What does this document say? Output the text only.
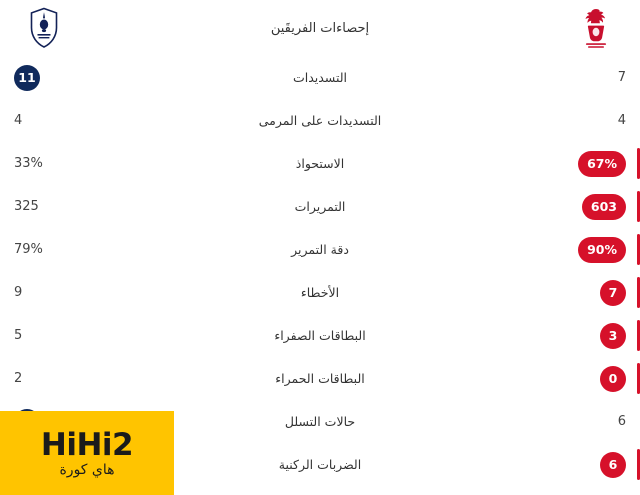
إحصاءات الفريقَين
7
التسديدات
11
4
التسديدات على المرمى
4
67%
الاستحواذ
33%
603
التمريرات
325
90%
دقة التمرير
79%
7
الأخطاء
9
3
البطاقات الصفراء
5
0
البطاقات الحمراء
2
6
حالات التسلل
6
الضربات الركنية
HiHi2
هاي كورة
